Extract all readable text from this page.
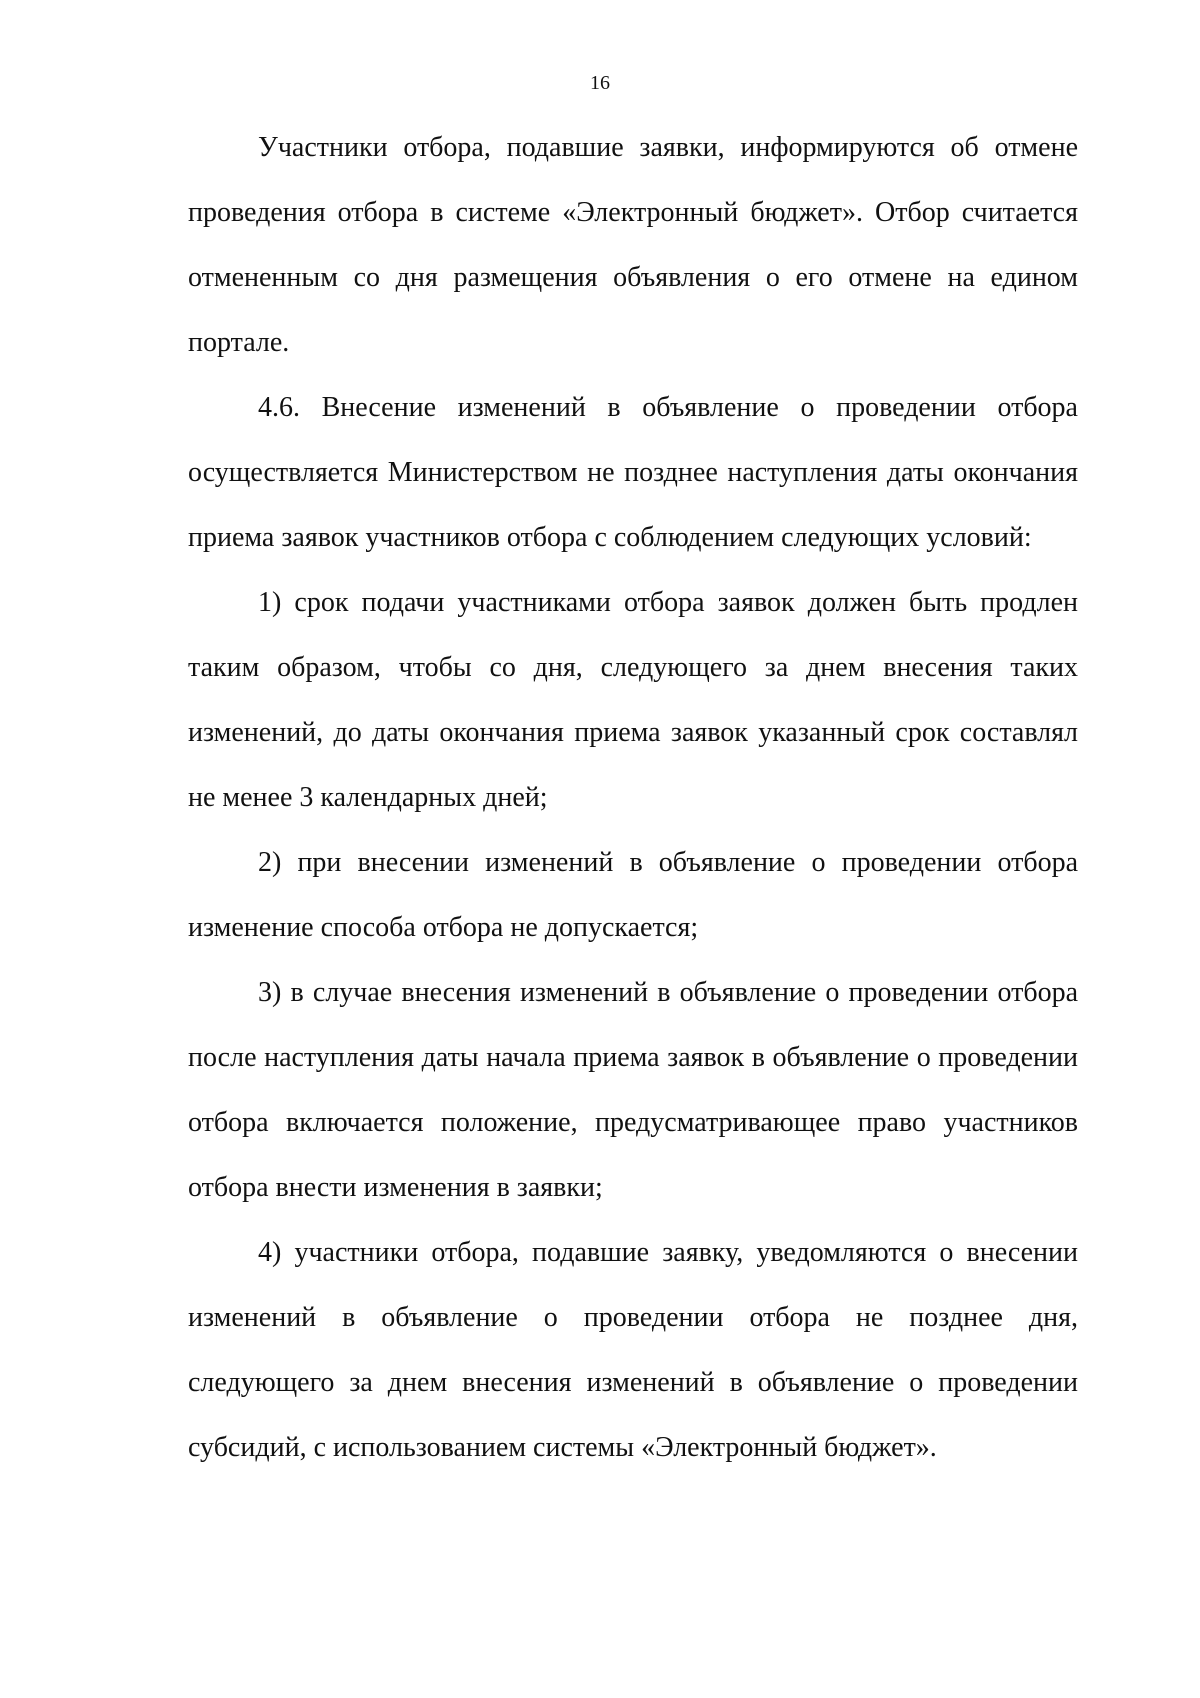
16

Участники отбора, подавшие заявки, информируются об отмене проведения отбора в системе «Электронный бюджет». Отбор считается отмененным со дня размещения объявления о его отмене на едином портале.

4.6. Внесение изменений в объявление о проведении отбора осуществляется Министерством не позднее наступления даты окончания приема заявок участников отбора с соблюдением следующих условий:

1) срок подачи участниками отбора заявок должен быть продлен таким образом, чтобы со дня, следующего за днем внесения таких изменений, до даты окончания приема заявок указанный срок составлял не менее 3 календарных дней;

2) при внесении изменений в объявление о проведении отбора изменение способа отбора не допускается;

3) в случае внесения изменений в объявление о проведении отбора после наступления даты начала приема заявок в объявление о проведении отбора включается положение, предусматривающее право участников отбора внести изменения в заявки;

4) участники отбора, подавшие заявку, уведомляются о внесении изменений в объявление о проведении отбора не позднее дня, следующего за днем внесения изменений в объявление о проведении субсидий, с использованием системы «Электронный бюджет».
